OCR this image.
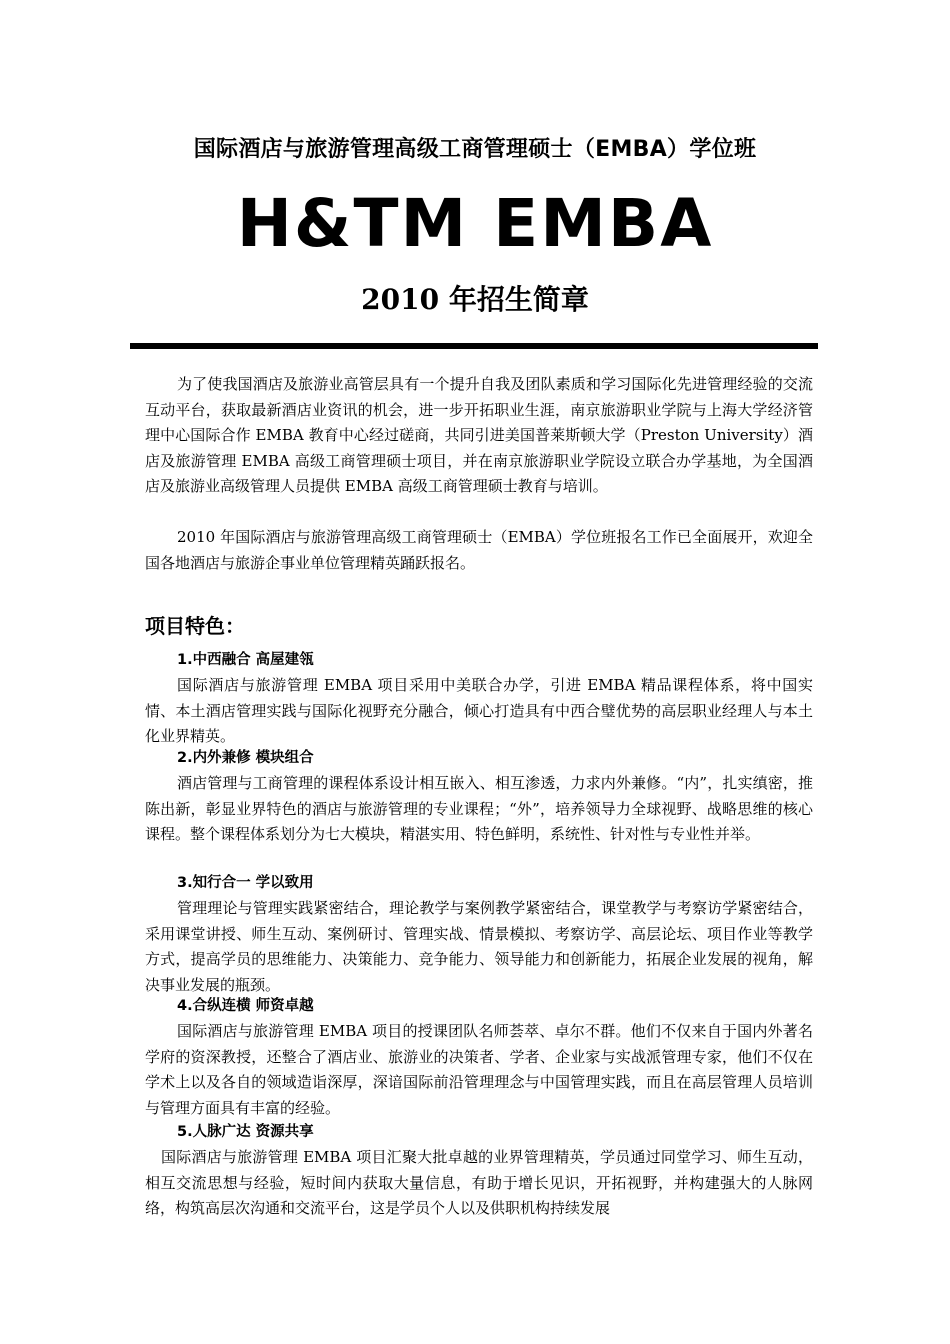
国际酒店与旅游管理高级工商管理硕士（EMBA）学位班
H&TM EMBA
2010 年招生简章

为了使我国酒店及旅游业高管层具有一个提升自我及团队素质和学习国际化先进管理经验的交流互动平台，获取最新酒店业资讯的机会，进一步开拓职业生涯，南京旅游职业学院与上海大学经济管理中心国际合作 EMBA 教育中心经过磋商，共同引进美国普莱斯顿大学（Preston University）酒店及旅游管理 EMBA 高级工商管理硕士项目，并在南京旅游职业学院设立联合办学基地，为全国酒店及旅游业高级管理人员提供 EMBA 高级工商管理硕士教育与培训。

2010 年国际酒店与旅游管理高级工商管理硕士（EMBA）学位班报名工作已全面展开，欢迎全国各地酒店与旅游企事业单位管理精英踊跃报名。

项目特色：
1.中西融合 高屋建瓴

国际酒店与旅游管理 EMBA 项目采用中美联合办学，引进 EMBA 精品课程体系，将中国实情、本土酒店管理实践与国际化视野充分融合，倾心打造具有中西合璧优势的高层职业经理人与本土化业界精英。

2.内外兼修 模块组合

酒店管理与工商管理的课程体系设计相互嵌入、相互渗透，力求内外兼修。“内”，扎实缜密，推陈出新，彰显业界特色的酒店与旅游管理的专业课程；“外”，培养领导力全球视野、战略思维的核心课程。整个课程体系划分为七大模块，精湛实用、特色鲜明，系统性、针对性与专业性并举。

3.知行合一 学以致用

管理理论与管理实践紧密结合，理论教学与案例教学紧密结合，课堂教学与考察访学紧密结合，采用课堂讲授、师生互动、案例研讨、管理实战、情景模拟、考察访学、高层论坛、项目作业等教学方式，提高学员的思维能力、决策能力、竞争能力、领导能力和创新能力，拓展企业发展的视角，解决事业发展的瓶颈。

4.合纵连横 师资卓越

国际酒店与旅游管理 EMBA 项目的授课团队名师荟萃、卓尔不群。他们不仅来自于国内外著名学府的资深教授，还整合了酒店业、旅游业的决策者、学者、企业家与实战派管理专家，他们不仅在学术上以及各自的领域造诣深厚，深谙国际前沿管理理念与中国管理实践，而且在高层管理人员培训与管理方面具有丰富的经验。

5.人脉广达 资源共享

国际酒店与旅游管理 EMBA 项目汇聚大批卓越的业界管理精英，学员通过同堂学习、师生互动，相互交流思想与经验，短时间内获取大量信息，有助于增长见识，开拓视野，并构建强大的人脉网络，构筑高层次沟通和交流平台，这是学员个人以及供职机构持续发展
